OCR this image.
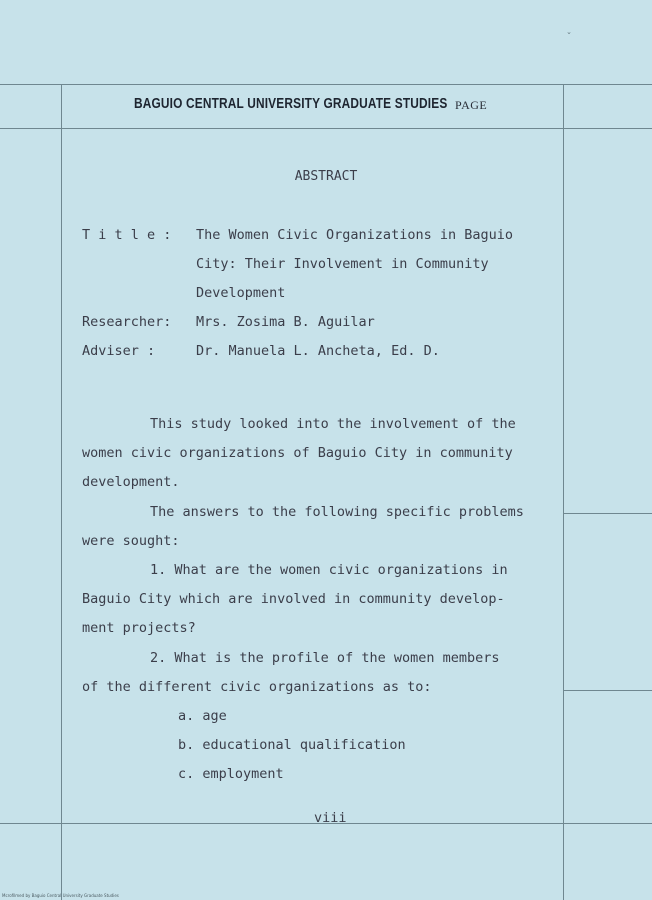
ˇ
BAGUIO CENTRAL UNIVERSITY GRADUATE STUDIES PAGE
ABSTRACT
T i t l e : The Women Civic Organizations in Baguio
City: Their Involvement in Community
Development
Researcher: Mrs. Zosima B. Aguilar
Adviser :	Dr. Manuela L. Ancheta, Ed. D.
This study looked into the involvement of the
women civic organizations of Baguio City in community
development.
The answers to the following specific problems
were sought:
1. What are the women civic organizations in
Baguio City which are involved in community develop-
ment projects?
2. What is the profile of the women members
of the different civic organizations as to:
a. age
b. educational qualification
c. employment
viii
Mcrofilmed by Baguio Central University Graduate Studies
